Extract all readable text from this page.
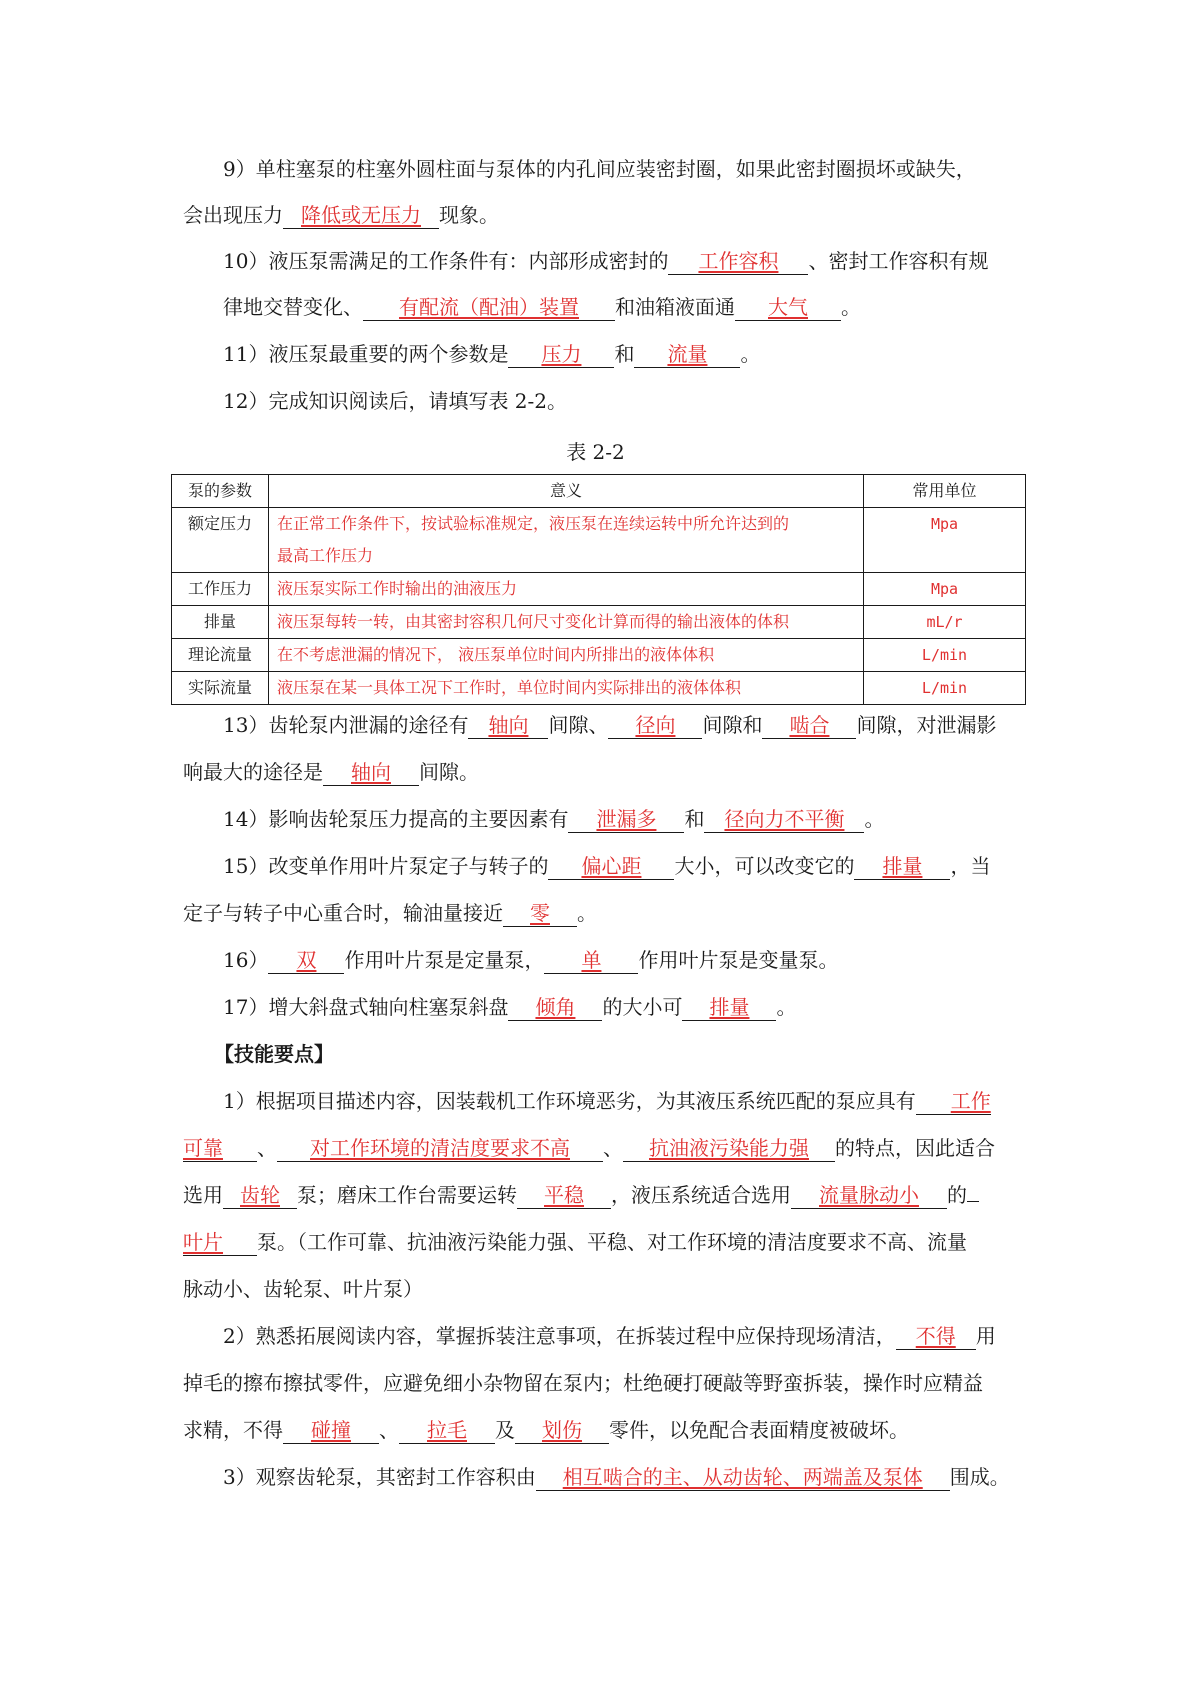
9）单柱塞泵的柱塞外圆柱面与泵体的内孔间应装密封圈，如果此密封圈损坏或缺失，
会出现压力 降低或无压力 现象。
10）液压泵需满足的工作条件有：内部形成密封的 工作容积 、密封工作容积有规
律地交替变化、 有配流（配油）装置 和油箱液面通 大气 。
11）液压泵最重要的两个参数是 压力 和 流量 。
12）完成知识阅读后，请填写表 2-2。
表 2-2
泵的参数	意义	常用单位
额定压力	在正常工作条件下，按试验标准规定，液压泵在连续运转中所允许达到的
最高工作压力	Mpa
工作压力	液压泵实际工作时输出的油液压力	Mpa
排量	液压泵每转一转，由其密封容积几何尺寸变化计算而得的输出液体的体积	mL/r
理论流量	在不考虑泄漏的情况下， 液压泵单位时间内所排出的液体体积	L/min
实际流量	液压泵在某一具体工况下工作时，单位时间内实际排出的液体体积	L/min
13）齿轮泵内泄漏的途径有 轴向 间隙、 径向 间隙和 啮合 间隙，对泄漏影
响最大的途径是 轴向 间隙。
14）影响齿轮泵压力提高的主要因素有 泄漏多 和 径向力不平衡 。
15）改变单作用叶片泵定子与转子的 偏心距 大小，可以改变它的 排量 ，当
定子与转子中心重合时，输油量接近 零 。
16） 双 作用叶片泵是定量泵， 单 作用叶片泵是变量泵。
17）增大斜盘式轴向柱塞泵斜盘 倾角 的大小可 排量 。
【技能要点】
1）根据项目描述内容，因装载机工作环境恶劣，为其液压系统匹配的泵应具有 工作
可靠 、 对工作环境的清洁度要求不高 、 抗油液污染能力强 的特点，因此适合
选用 齿轮 泵；磨床工作台需要运转 平稳 ，液压系统适合选用 流量脉动小 的
叶片 泵。（工作可靠、抗油液污染能力强、平稳、对工作环境的清洁度要求不高、流量
脉动小、齿轮泵、叶片泵）
2）熟悉拓展阅读内容，掌握拆装注意事项，在拆装过程中应保持现场清洁， 不得 用
掉毛的擦布擦拭零件，应避免细小杂物留在泵内；杜绝硬打硬敲等野蛮拆装，操作时应精益
求精，不得 碰撞 、 拉毛 及 划伤 零件，以免配合表面精度被破坏。
3）观察齿轮泵，其密封工作容积由 相互啮合的主、从动齿轮、两端盖及泵体 围成。
